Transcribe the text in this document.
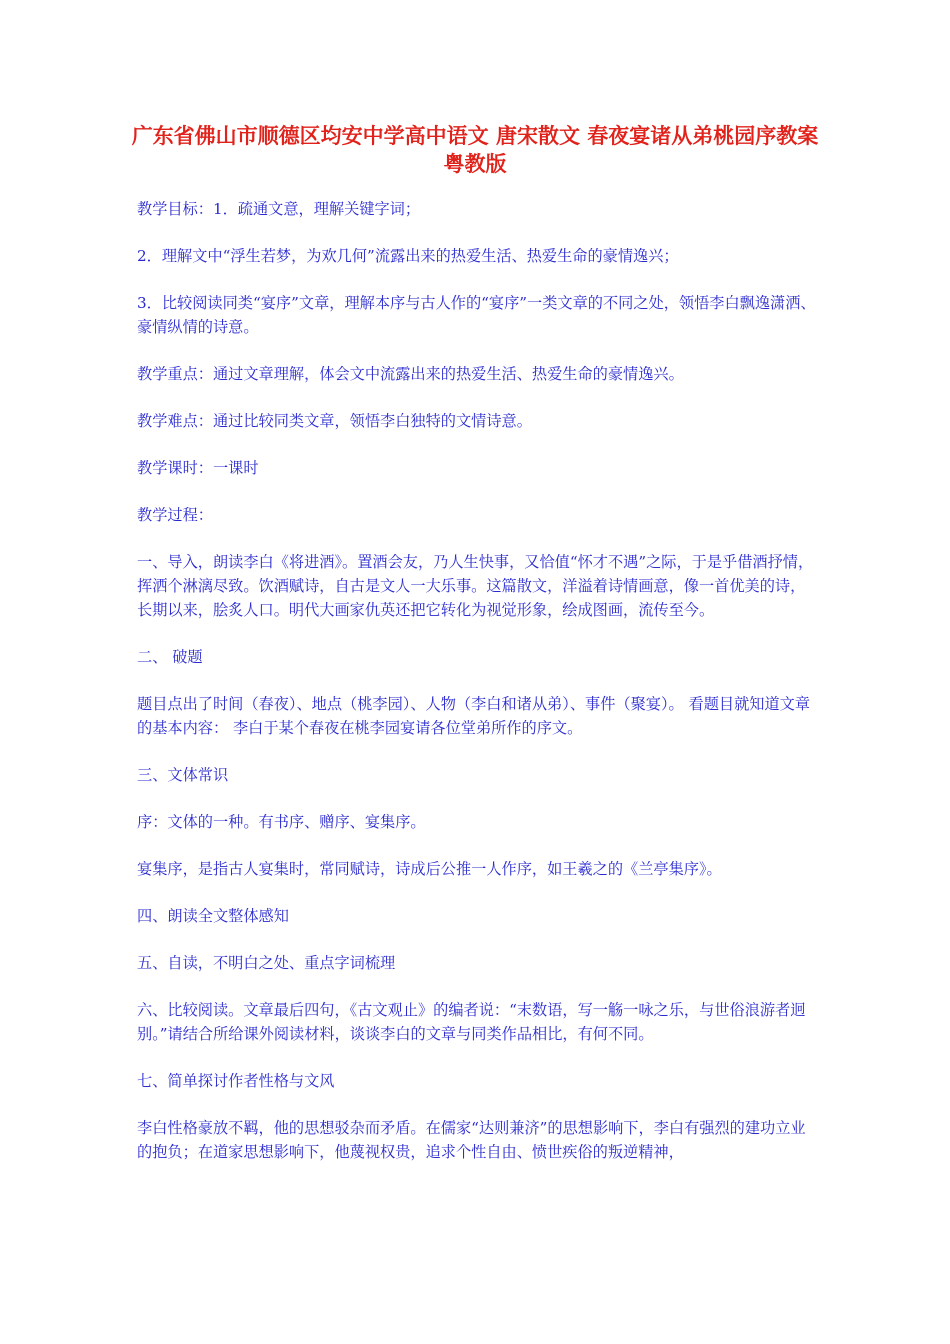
广东省佛山市顺德区均安中学高中语文 唐宋散文 春夜宴诸从弟桃园序教案 粤教版

教学目标：1．疏通文意，理解关键字词；

2．理解文中“浮生若梦，为欢几何”流露出来的热爱生活、热爱生命的豪情逸兴；

3．比较阅读同类“宴序”文章，理解本序与古人作的“宴序”一类文章的不同之处，领悟李白飘逸潇洒、豪情纵情的诗意。

教学重点：通过文章理解，体会文中流露出来的热爱生活、热爱生命的豪情逸兴。

教学难点：通过比较同类文章，领悟李白独特的文情诗意。

教学课时：一课时

教学过程：

一、导入，朗读李白《将进酒》。置酒会友，乃人生快事，又恰值“怀才不遇”之际，于是乎借酒抒情，挥洒个淋漓尽致。饮酒赋诗，自古是文人一大乐事。这篇散文，洋溢着诗情画意，像一首优美的诗，长期以来，脍炙人口。明代大画家仇英还把它转化为视觉形象，绘成图画，流传至今。

二、 破题

题目点出了时间（春夜）、地点（桃李园）、人物（李白和诸从弟）、事件（聚宴）。 看题目就知道文章的基本内容： 李白于某个春夜在桃李园宴请各位堂弟所作的序文。

三、文体常识

序：文体的一种。有书序、赠序、宴集序。

宴集序，是指古人宴集时，常同赋诗，诗成后公推一人作序，如王羲之的《兰亭集序》。

四、朗读全文整体感知

五、自读，不明白之处、重点字词梳理

六、比较阅读。文章最后四句，《古文观止》的编者说：“末数语，写一觞一咏之乐，与世俗浪游者迥别。”请结合所给课外阅读材料，谈谈李白的文章与同类作品相比，有何不同。

七、简单探讨作者性格与文风

李白性格豪放不羁，他的思想驳杂而矛盾。在儒家“达则兼济”的思想影响下，李白有强烈的建功立业的抱负；在道家思想影响下，他蔑视权贵，追求个性自由、愤世疾俗的叛逆精神，
